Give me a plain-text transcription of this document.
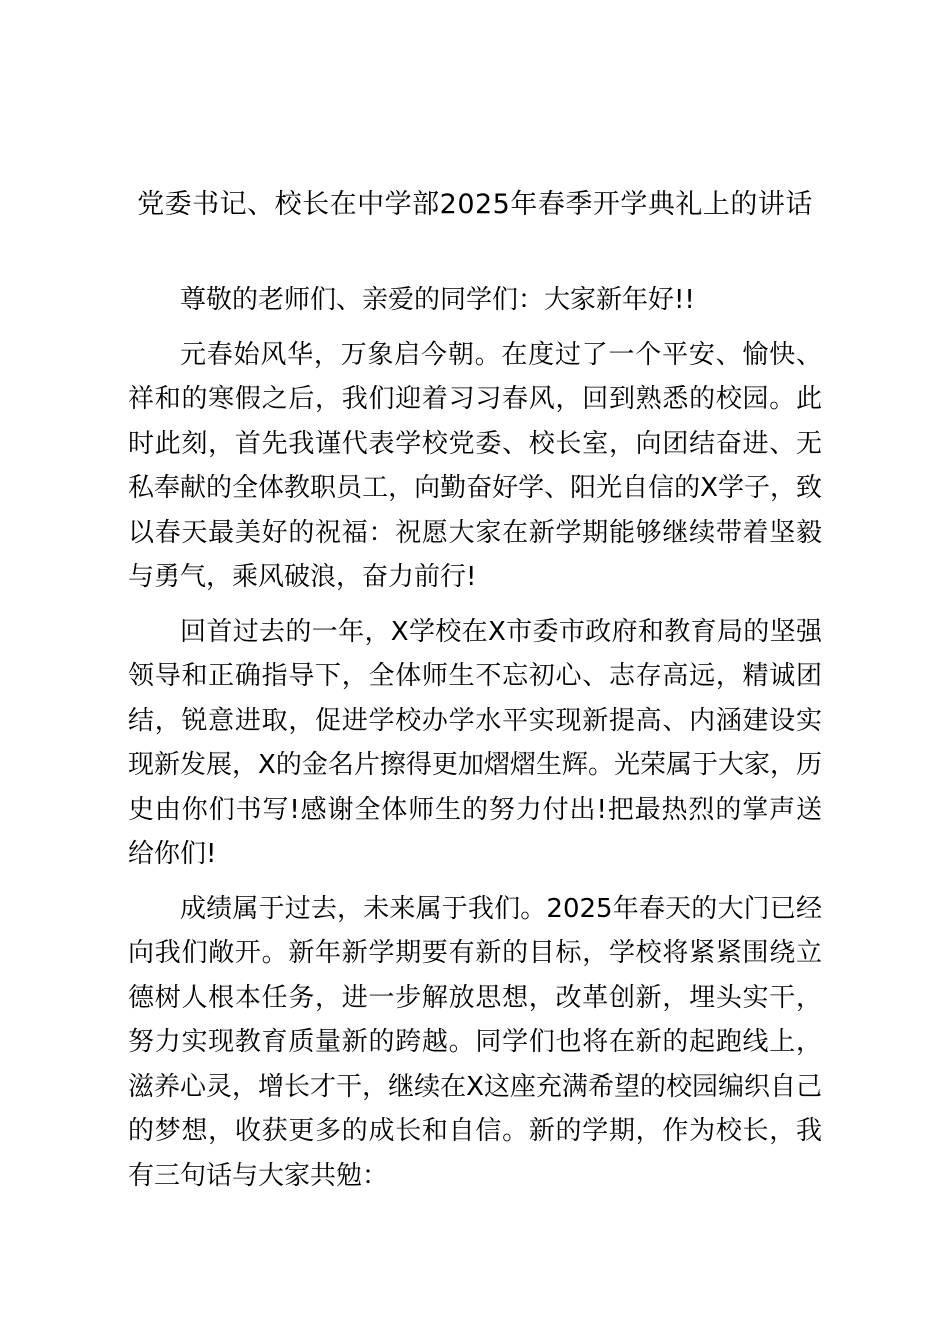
党委书记、校长在中学部2025年春季开学典礼上的讲话

尊敬的老师们、亲爱的同学们：大家新年好!!

元春始风华，万象启今朝。在度过了一个平安、愉快、祥和的寒假之后，我们迎着习习春风，回到熟悉的校园。此时此刻，首先我谨代表学校党委、校长室，向团结奋进、无私奉献的全体教职员工，向勤奋好学、阳光自信的X学子，致以春天最美好的祝福：祝愿大家在新学期能够继续带着坚毅与勇气，乘风破浪，奋力前行!

回首过去的一年，X学校在X市委市政府和教育局的坚强领导和正确指导下，全体师生不忘初心、志存高远，精诚团结，锐意进取，促进学校办学水平实现新提高、内涵建设实现新发展，X的金名片擦得更加熠熠生辉。光荣属于大家，历史由你们书写!感谢全体师生的努力付出!把最热烈的掌声送给你们!

成绩属于过去，未来属于我们。2025年春天的大门已经向我们敞开。新年新学期要有新的目标，学校将紧紧围绕立德树人根本任务，进一步解放思想，改革创新，埋头实干，努力实现教育质量新的跨越。同学们也将在新的起跑线上，滋养心灵，增长才干，继续在X这座充满希望的校园编织自己的梦想，收获更多的成长和自信。新的学期，作为校长，我有三句话与大家共勉：
